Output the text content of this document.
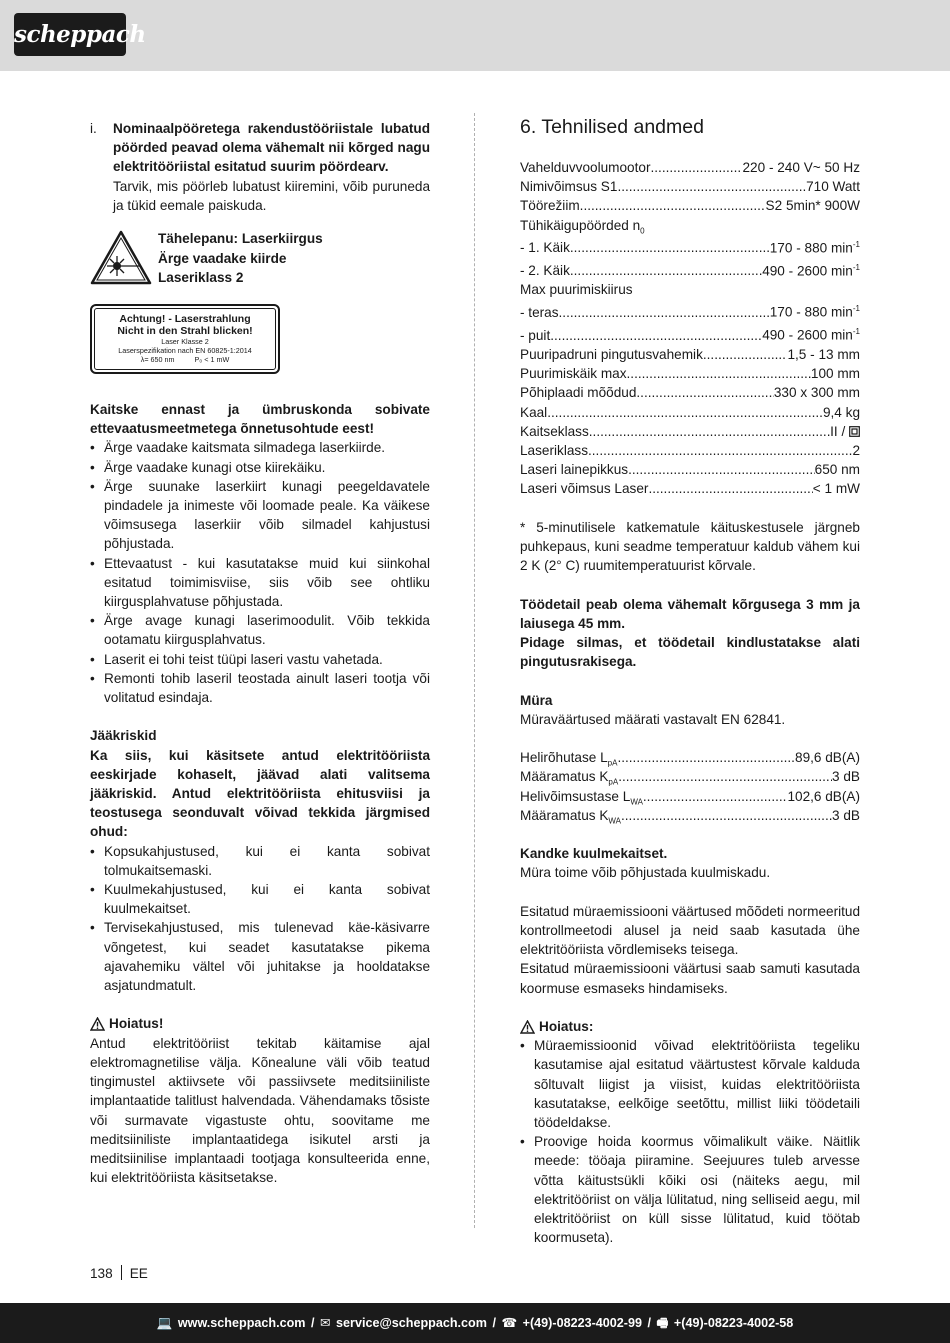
scheppach
i.	Nominaalpööretega rakendustööriistale lubatud pöörded peavad olema vähemalt nii kõrged nagu elektritööriistal esitatud suurim pöördearv.

Tarvik, mis pöörleb lubatust kiiremini, võib puruneda ja tükid eemale paiskuda.

Tähelepanu: Laserkiirgus
Ärge vaadake kiirde
Laseriklass 2
Achtung! - Laserstrahlung
Nicht in den Strahl blicken!
Laser Klasse 2
Laserspezifikation nach EN 60825-1:2014
λ= 650 nm          P₀ < 1 mW

Kaitske ennast ja ümbruskonda sobivate ettevaatusmeetmetega õnnetusohtude eest!

• Ärge vaadake kaitsmata silmadega laserkiirde.
• Ärge vaadake kunagi otse kiirekäiku.
• Ärge suunake laserkiirt kunagi peegeldavatele pindadele ja inimeste või loomade peale. Ka väikese võimsusega laserkiir võib silmadel kahjustusi põhjustada.
• Ettevaatust - kui kasutatakse muid kui siinkohal esitatud toimimisviise, siis võib see ohtliku kiirgusplahvatuse põhjustada.
• Ärge avage kunagi laserimoodulit. Võib tekkida ootamatu kiirgusplahvatus.
• Laserit ei tohi teist tüüpi laseri vastu vahetada.
• Remonti tohib laseril teostada ainult laseri tootja või volitatud esindaja.

Jääkriskid

Ka siis, kui käsitsete antud elektritööriista eeskirjade kohaselt, jäävad alati valitsema jääkriskid. Antud elektritööriista ehitusviisi ja teostusega seonduvalt võivad tekkida järgmised ohud:

• Kopsukahjustused, kui ei kanta sobivat tolmukaitsemaski.
• Kuulmekahjustused, kui ei kanta sobivat kuulmekaitset.
• Tervisekahjustused, mis tulenevad käe-käsivarre võngetest, kui seadet kasutatakse pikema ajavahemiku vältel või juhitakse ja hooldatakse asjatundmatult.
Hoiatus!

Antud elektritööriist tekitab käitamise ajal elektromagnetilise välja. Kõnealune väli võib teatud tingimustel aktiivsete või passiivsete meditsiiniliste implantaatide talitlust halvendada. Vähendamaks tõsiste või surmavate vigastuste ohtu, soovitame me meditsiiniliste implantaatidega isikutel arsti ja meditsiinilise implantaadi tootjaga konsulteerida enne, kui elektritööriista käsitsetakse.

6. Tehnilised andmed
Vahelduvvoolumootor .....	220 - 240 V~ 50 Hz
Nimivõimsus S1 .....	710 Watt
Töörežiim .....	S2 5min* 900W
Tühikäigupöörded $n_0$
- 1. Käik .....	170 - 880 $\min^{-1}$
- 2. Käik .....	490 - 2600 $\min^{-1}$
Max puurimiskiirus
- teras .....	170 - 880 $\min^{-1}$
- puit .....	490 - 2600 $\min^{-1}$
Puuripadruni pingutusvahemik .....	1,5 - 13 mm
Puurimiskäik max. .....	100 mm
Põhiplaadi mõõdud .....	330 x 300 mm
Kaal .....	9,4 kg
Kaitseklass .....	II /
Laseriklass .....	2
Laseri lainepikkus .....	650 nm
Laseri võimsus Laser .....	< 1 mW

* 5-minutilisele katkematule käituskestusele järgneb puhkepaus, kuni seadme temperatuur kaldub vähem kui 2 K (2° C) ruumitemperatuurist kõrvale.

Töödetail peab olema vähemalt kõrgusega 3 mm ja laiusega 45 mm.

Pidage silmas, et töödetail kindlustatakse alati pingutusrakisega.

Müra

Müraväärtused määrati vastavalt EN 62841.

Helirõhutase $L_{pA}$ .....	89,6 dB(A)
Määramatus $K_{pA}$ .....	3 dB
Helivõimsustase $L_{WA}$ .....	102,6 dB(A)
Määramatus $K_{WA}$ .....	3 dB

Kandke kuulmekaitset.

Müra toime võib põhjustada kuulmiskadu.

Esitatud müraemissiooni väärtused mõõdeti normeeritud kontrollmeetodi alusel ja neid saab kasutada ühe elektritööriista võrdlemiseks teisega.

Esitatud müraemissiooni väärtusi saab samuti kasutada koormuse esmaseks hindamiseks.

Hoiatus:
• Müraemissioonid võivad elektritööriista tegeliku kasutamise ajal esitatud väärtustest kõrvale kalduda sõltuvalt liigist ja viisist, kuidas elektritööriista kasutatakse, eelkõige seetõttu, millist liiki töödetaili töödeldakse.
• Proovige hoida koormus võimalikult väike. Näitlik meede: tööaja piiramine. Seejuures tuleb arvesse võtta käitustsükli kõiki osi (näiteks aegu, mil elektritööriist on välja lülitatud, ning selliseid aegu, mil elektritööriist on küll sisse lülitatud, kuid töötab koormuseta).
138 EE
💻 www.scheppach.com / ✉ service@scheppach.com / ☎ +(49)-08223-4002-99 / 🖷 +(49)-08223-4002-58
